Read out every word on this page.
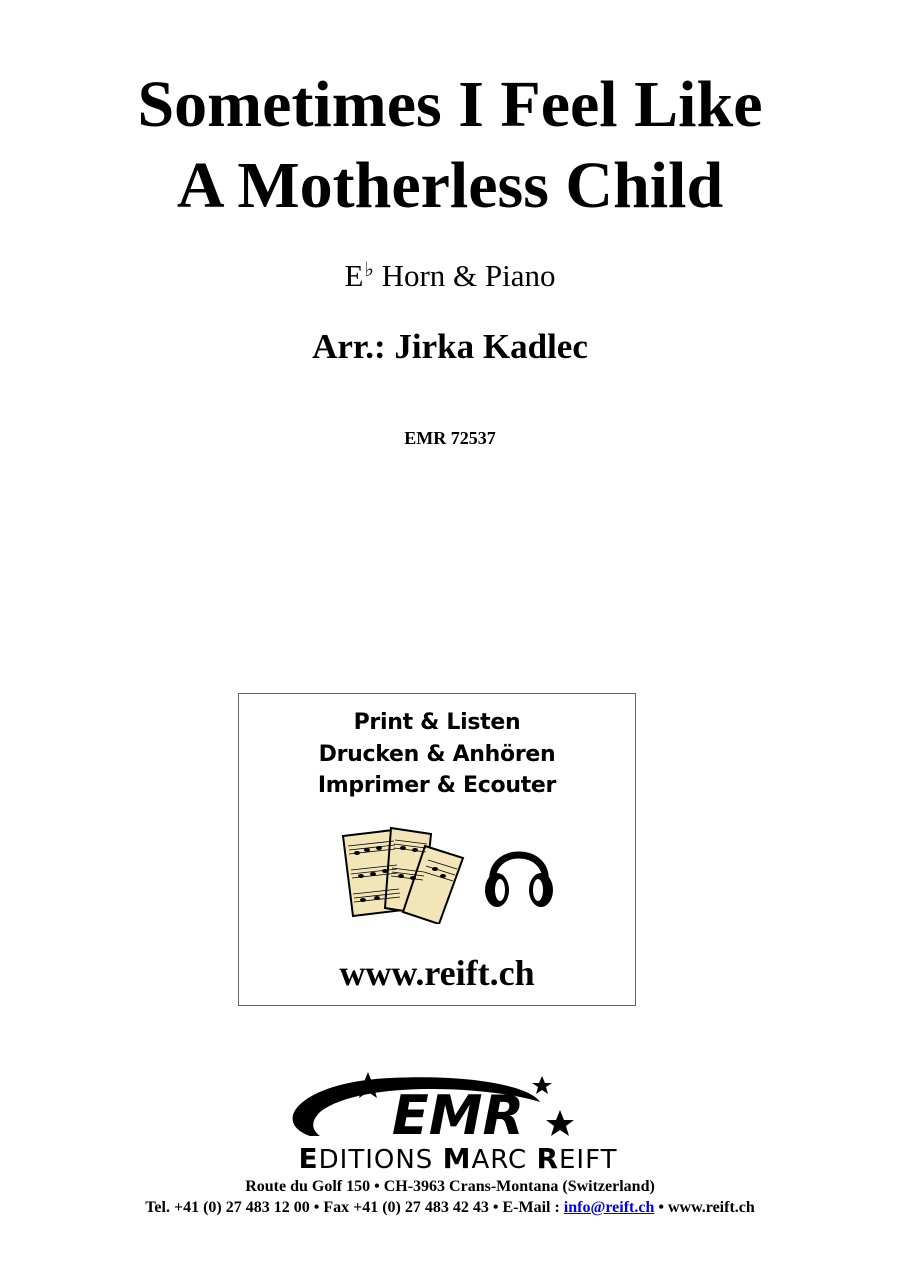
Sometimes I Feel Like
A Motherless Child
E♭ Horn & Piano
Arr.: Jirka Kadlec
EMR 72537
Print & Listen
Drucken & Anhören
Imprimer & Ecouter
www.reift.ch
EMR
EDITIONS MARC REIFT
Route du Golf 150 • CH-3963 Crans-Montana (Switzerland)
Tel. +41 (0) 27 483 12 00 • Fax +41 (0) 27 483 42 43 • E-Mail : info@reift.ch • www.reift.ch
